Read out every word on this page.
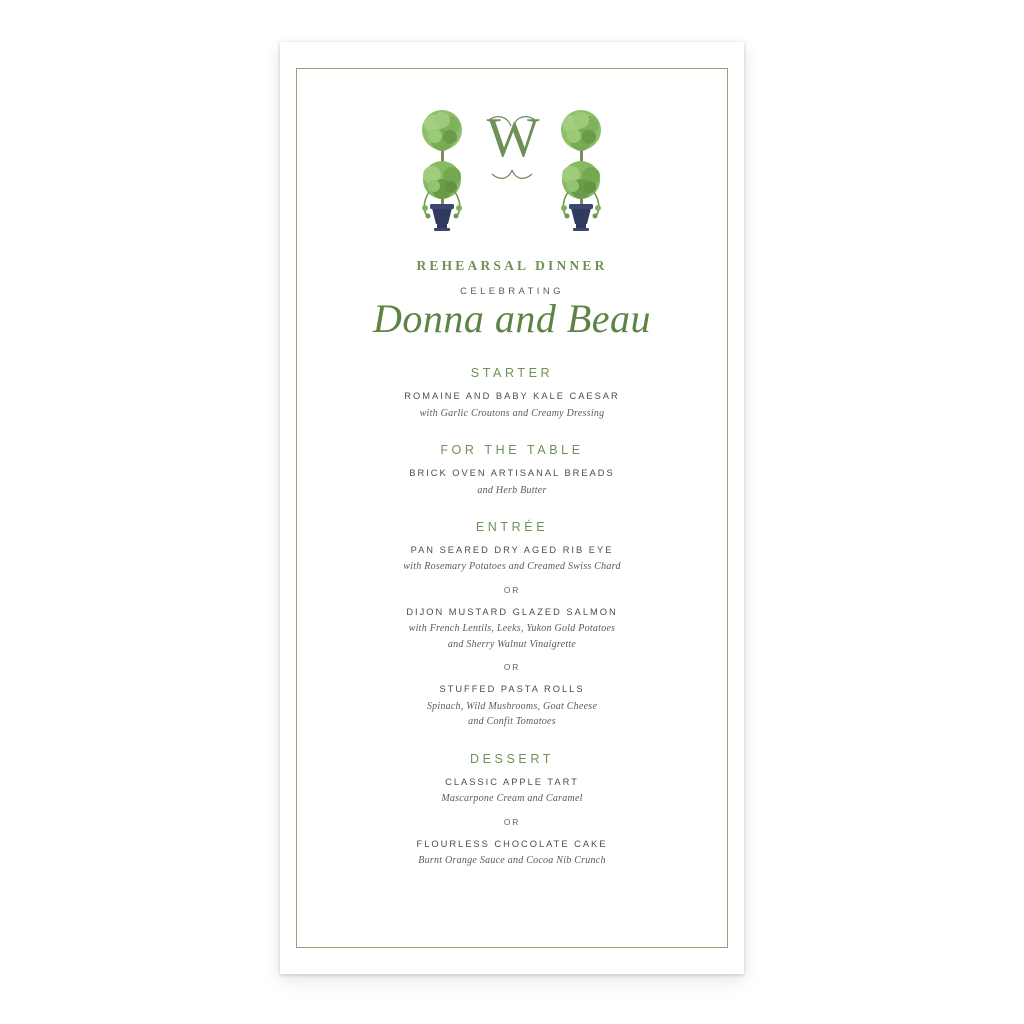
W
REHEARSAL DINNER
CELEBRATING
Donna and Beau
STARTER
ROMAINE AND BABY KALE CAESAR
with Garlic Croutons and Creamy Dressing
FOR THE TABLE
BRICK OVEN ARTISANAL BREADS
and Herb Butter
ENTRÉE
PAN SEARED DRY AGED RIB EYE
with Rosemary Potatoes and Creamed Swiss Chard
OR
DIJON MUSTARD GLAZED SALMON
with French Lentils, Leeks, Yukon Gold Potatoes
and Sherry Walnut Vinaigrette
OR
STUFFED PASTA ROLLS
Spinach, Wild Mushrooms, Goat Cheese
and Confit Tomatoes
DESSERT
CLASSIC APPLE TART
Mascarpone Cream and Caramel
OR
FLOURLESS CHOCOLATE CAKE
Burnt Orange Sauce and Cocoa Nib Crunch
